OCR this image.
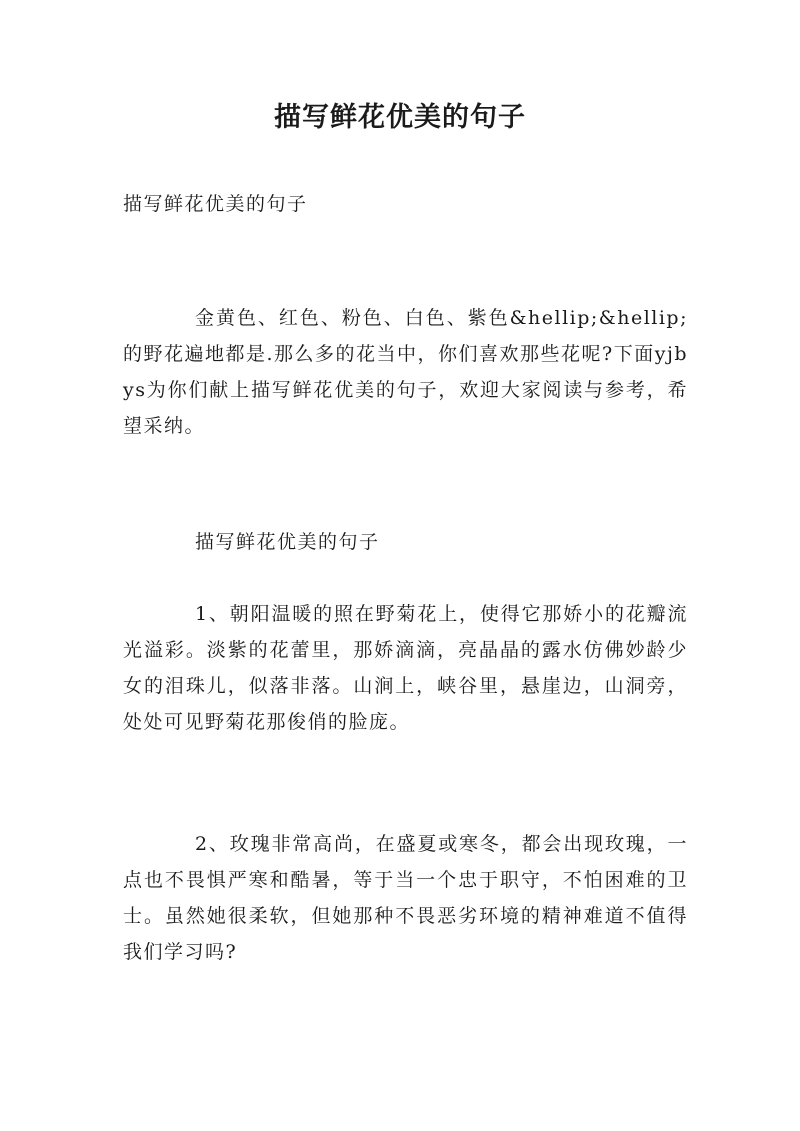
描写鲜花优美的句子

描写鲜花优美的句子

金黄色、红色、粉色、白色、紫色&hellip;&hellip;的野花遍地都是.那么多的花当中，你们喜欢那些花呢?下面yjbys为你们献上描写鲜花优美的句子，欢迎大家阅读与参考，希望采纳。

描写鲜花优美的句子

1、朝阳温暖的照在野菊花上，使得它那娇小的花瓣流光溢彩。淡紫的花蕾里，那娇滴滴，亮晶晶的露水仿佛妙龄少女的泪珠儿，似落非落。山涧上，峡谷里，悬崖边，山洞旁，处处可见野菊花那俊俏的脸庞。

2、玫瑰非常高尚，在盛夏或寒冬，都会出现玫瑰，一点也不畏惧严寒和酷暑，等于当一个忠于职守，不怕困难的卫士。虽然她很柔软，但她那种不畏恶劣环境的精神难道不值得我们学习吗?
